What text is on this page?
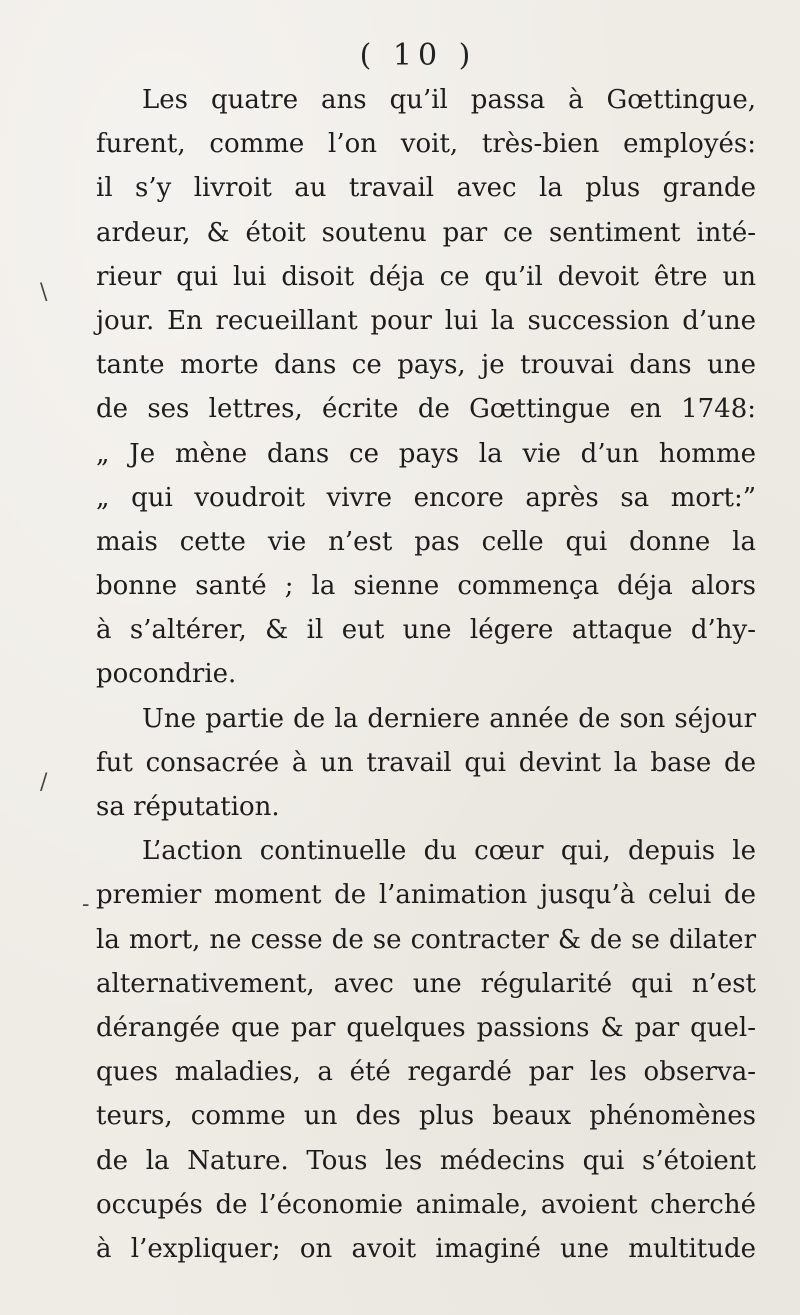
( 10 )
\
/
-
Les quatre ans qu’il passa à Gœttingue,
furent, comme l’on voit, très-bien employés:
il s’y livroit au travail avec la plus grande
ardeur, & étoit soutenu par ce sentiment inté-
rieur qui lui disoit déja ce qu’il devoit être un
jour. En recueillant pour lui la succession d’une
tante morte dans ce pays, je trouvai dans une
de ses lettres, écrite de Gœttingue en 1748:
„ Je mène dans ce pays la vie d’un homme
„ qui voudroit vivre encore après sa mort:”
mais cette vie n’est pas celle qui donne la
bonne santé ; la sienne commença déja alors
à s’altérer, & il eut une légere attaque d’hy-
pocondrie.
Une partie de la derniere année de son séjour
fut consacrée à un travail qui devint la base de
sa réputation.
L’action continuelle du cœur qui, depuis le
premier moment de l’animation jusqu’à celui de
la mort, ne cesse de se contracter & de se dilater
alternativement, avec une régularité qui n’est
dérangée que par quelques passions & par quel-
ques maladies, a été regardé par les observa-
teurs, comme un des plus beaux phénomènes
de la Nature. Tous les médecins qui s’étoient
occupés de l’économie animale, avoient cherché
à l’expliquer; on avoit imaginé une multitude
